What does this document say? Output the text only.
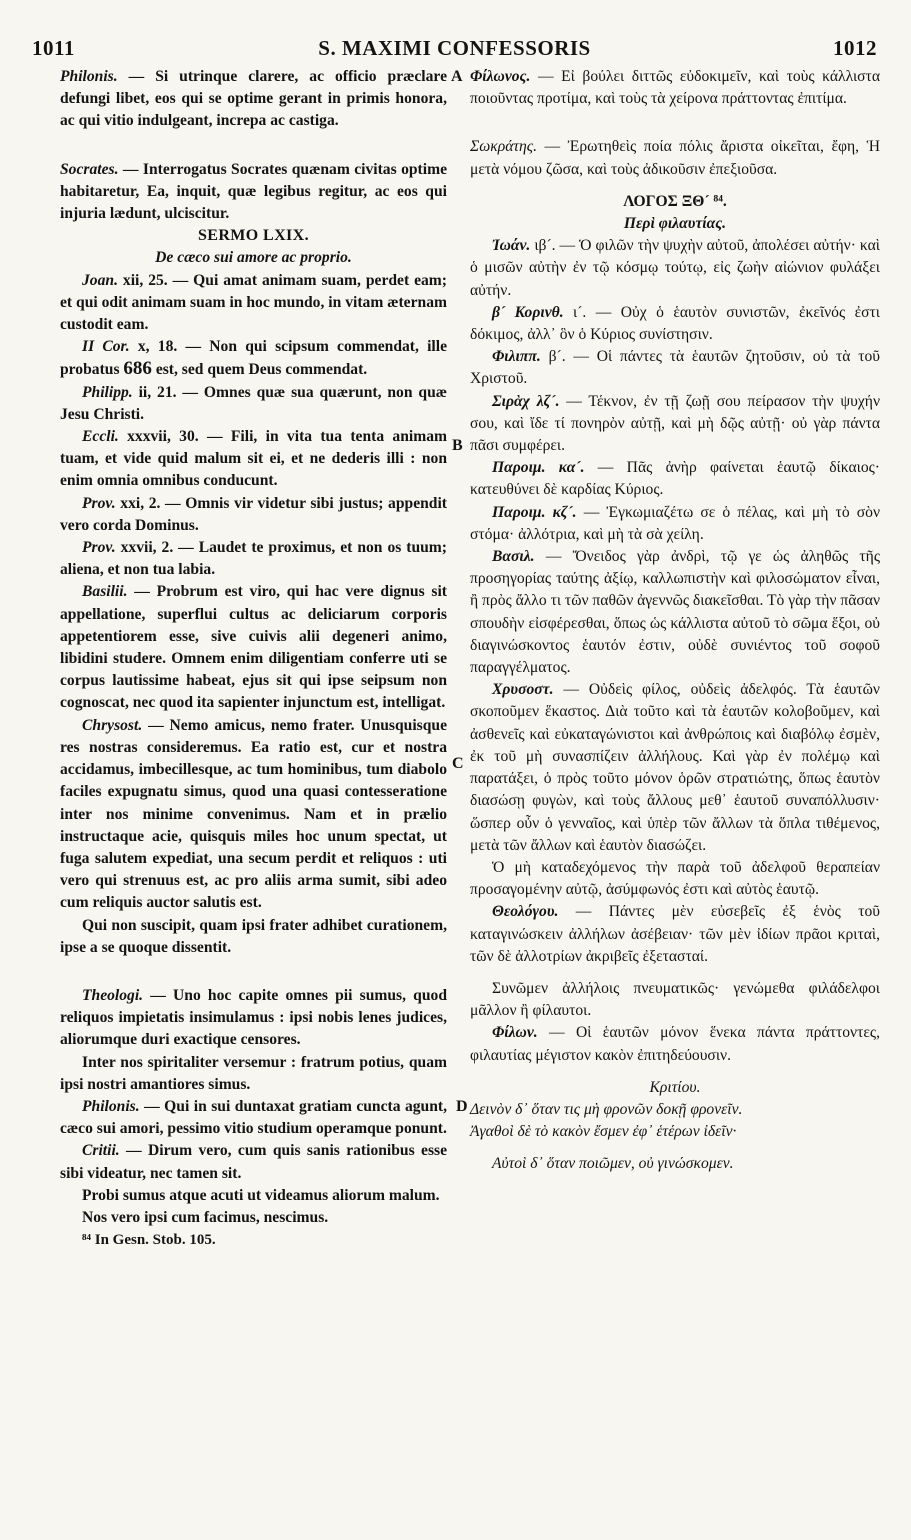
1011	S. MAXIMI CONFESSORIS	1012
A
B
C
D

Philonis. — Si utrinque clarere, ac officio præclare defungi libet, eos qui se optime gerant in primis honora, ac qui vitio indulgeant, increpa ac castiga.

Socrates. — Interrogatus Socrates quænam civitas optime habitaretur, Ea, inquit, quæ legibus regitur, ac eos qui injuria lædunt, ulciscitur.

SERMO LXIX.

De cæco sui amore ac proprio.

Joan. xii, 25. — Qui amat animam suam, perdet eam; et qui odit animam suam in hoc mundo, in vitam æternam custodit eam.

II Cor. x, 18. — Non qui scipsum commendat, ille probatus 686 est, sed quem Deus commendat.

Philipp. ii, 21. — Omnes quæ sua quærunt, non quæ Jesu Christi.

Eccli. xxxvii, 30. — Fili, in vita tua tenta animam tuam, et vide quid malum sit ei, et ne dederis illi : non enim omnia omnibus conducunt.

Prov. xxi, 2. — Omnis vir videtur sibi justus; appendit vero corda Dominus.

Prov. xxvii, 2. — Laudet te proximus, et non os tuum; aliena, et non tua labia.

Basilii. — Probrum est viro, qui hac vere dignus sit appellatione, superflui cultus ac deliciarum corporis appetentiorem esse, sive cuivis alii degeneri animo, libidini studere. Omnem enim diligentiam conferre uti se corpus lautissime habeat, ejus sit qui ipse seipsum non cognoscat, nec quod ita sapienter injunctum est, intelligat.

Chrysost. — Nemo amicus, nemo frater. Unusquisque res nostras consideremus. Ea ratio est, cur et nostra accidamus, imbecillesque, ac tum hominibus, tum diabolo faciles expugnatu simus, quod una quasi contesseratione inter nos minime convenimus. Nam et in prælio instructaque acie, quisquis miles hoc unum spectat, ut fuga salutem expediat, una secum perdit et reliquos : uti vero qui strenuus est, ac pro aliis arma sumit, sibi adeo cum reliquis auctor salutis est.

Qui non suscipit, quam ipsi frater adhibet curationem, ipse a se quoque dissentit.

Theologi. — Uno hoc capite omnes pii sumus, quod reliquos impietatis insimulamus : ipsi nobis lenes judices, aliorumque duri exactique censores.

Inter nos spiritaliter versemur : fratrum potius, quam ipsi nostri amantiores simus.

Philonis. — Qui in sui duntaxat gratiam cuncta agunt, cæco sui amori, pessimo vitio studium operamque ponunt.

Critii. — Dirum vero, cum quis sanis rationibus esse sibi videatur, nec tamen sit.

Probi sumus atque acuti ut videamus aliorum malum.

Nos vero ipsi cum facimus, nescimus.

⁸⁴ In Gesn. Stob. 105.

Φίλωνος. — Εἰ βούλει διττῶς εὐδοκιμεῖν, καὶ τοὺς κάλλιστα ποιοῦντας προτίμα, καὶ τοὺς τὰ χείρονα πράττοντας ἐπιτίμα.

Σωκράτης. — Ἐρωτηθεὶς ποία πόλις ἄριστα οἰκεῖται, ἔφη, Ἡ μετὰ νόμου ζῶσα, καὶ τοὺς ἀδικοῦσιν ἐπεξιοῦσα.

ΛΟΓΟΣ ΞΘ´ ⁸⁴.

Περὶ φιλαυτίας.

Ἰωάν. ιβ´. — Ὁ φιλῶν τὴν ψυχὴν αὐτοῦ, ἀπολέσει αὐτήν· καὶ ὁ μισῶν αὐτὴν ἐν τῷ κόσμῳ τούτῳ, εἰς ζωὴν αἰώνιον φυλάξει αὐτήν.

β´ Κορινθ. ι´. — Οὐχ ὁ ἑαυτὸν συνιστῶν, ἐκεῖνός ἐστι δόκιμος, ἀλλ᾽ ὃν ὁ Κύριος συνίστησιν.

Φιλιππ. β´. — Οἱ πάντες τὰ ἑαυτῶν ζητοῦσιν, οὐ τὰ τοῦ Χριστοῦ.

Σιρὰχ λζ´. — Τέκνον, ἐν τῇ ζωῇ σου πείρασον τὴν ψυχήν σου, καὶ ἴδε τί πονηρὸν αὐτῇ, καὶ μὴ δῷς αὐτῇ· οὐ γὰρ πάντα πᾶσι συμφέρει.

Παροιμ. κα´. — Πᾶς ἀνὴρ φαίνεται ἑαυτῷ δίκαιος· κατευθύνει δὲ καρδίας Κύριος.

Παροιμ. κζ´. — Ἐγκωμιαζέτω σε ὁ πέλας, καὶ μὴ τὸ σὸν στόμα· ἀλλότρια, καὶ μὴ τὰ σὰ χείλη.

Βασιλ. — Ὄνειδος γὰρ ἀνδρὶ, τῷ γε ὡς ἀληθῶς τῆς προσηγορίας ταύτης ἀξίῳ, καλλωπιστὴν καὶ φιλοσώματον εἶναι, ἢ πρὸς ἄλλο τι τῶν παθῶν ἀγεννῶς διακεῖσθαι. Τὸ γὰρ τὴν πᾶσαν σπουδὴν εἰσφέρεσθαι, ὅπως ὡς κάλλιστα αὐτοῦ τὸ σῶμα ἕξοι, οὐ διαγινώσκοντος ἑαυτόν ἐστιν, οὐδὲ συνιέντος τοῦ σοφοῦ παραγγέλματος.

Χρυσοστ. — Οὐδεὶς φίλος, οὐδεὶς ἀδελφός. Τὰ ἑαυτῶν σκοποῦμεν ἕκαστος. Διὰ τοῦτο καὶ τὰ ἑαυτῶν κολοβοῦμεν, καὶ ἀσθενεῖς καὶ εὐκαταγώνιστοι καὶ ἀνθρώποις καὶ διαβόλῳ ἐσμὲν, ἐκ τοῦ μὴ συνασπίζειν ἀλλήλους. Καὶ γὰρ ἐν πολέμῳ καὶ παρατάξει, ὁ πρὸς τοῦτο μόνον ὁρῶν στρατιώτης, ὅπως ἑαυτὸν διασώσῃ φυγὼν, καὶ τοὺς ἄλλους μεθ᾽ ἑαυτοῦ συναπόλλυσιν· ὥσπερ οὖν ὁ γενναῖος, καὶ ὑπὲρ τῶν ἄλλων τὰ ὅπλα τιθέμενος, μετὰ τῶν ἄλλων καὶ ἑαυτὸν διασώζει.

Ὁ μὴ καταδεχόμενος τὴν παρὰ τοῦ ἀδελφοῦ θεραπείαν προσαγομένην αὐτῷ, ἀσύμφωνός ἐστι καὶ αὐτὸς ἑαυτῷ.

Θεολόγου. — Πάντες μὲν εὐσεβεῖς ἐξ ἑνὸς τοῦ καταγινώσκειν ἀλλήλων ἀσέβειαν· τῶν μὲν ἰδίων πρᾶοι κριταὶ, τῶν δὲ ἀλλοτρίων ἀκριβεῖς ἐξετασταί.

Συνῶμεν ἀλλήλοις πνευματικῶς· γενώμεθα φιλάδελφοι μᾶλλον ἢ φίλαυτοι.

Φίλων. — Οἱ ἑαυτῶν μόνον ἕνεκα πάντα πράττοντες, φιλαυτίας μέγιστον κακὸν ἐπιτηδεύουσιν.

Κριτίου.

Δεινὸν δ᾽ ὅταν τις μὴ φρονῶν δοκῇ φρονεῖν.

Ἀγαθοὶ δὲ τὸ κακὸν ἔσμεν ἐφ᾽ ἑτέρων ἰδεῖν·

Αὐτοὶ δ᾽ ὅταν ποιῶμεν, οὐ γινώσκομεν.
